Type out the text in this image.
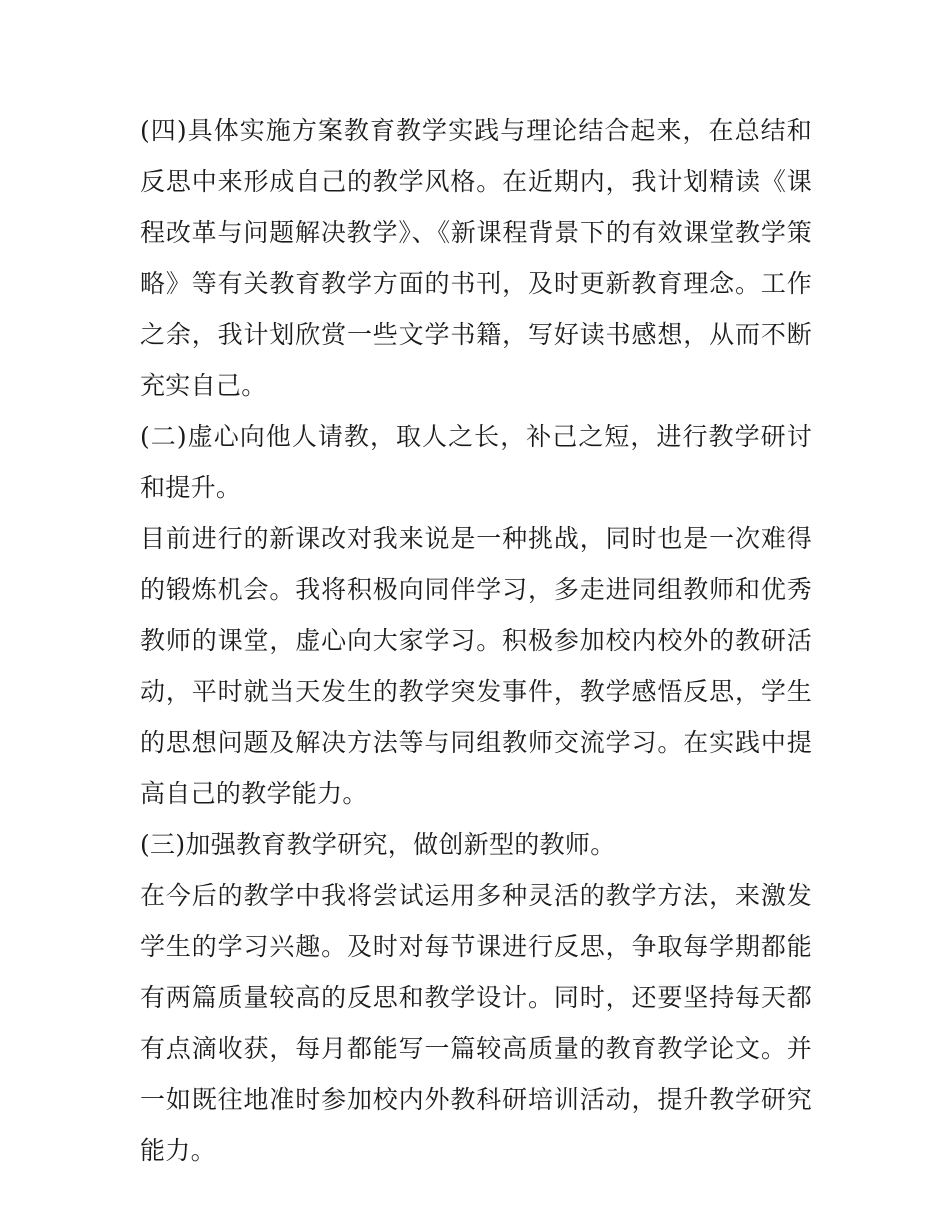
(四)具体实施方案教育教学实践与理论结合起来，在总结和反思中来形成自己的教学风格。在近期内，我计划精读《课程改革与问题解决教学》、《新课程背景下的有效课堂教学策略》等有关教育教学方面的书刊，及时更新教育理念。工作之余，我计划欣赏一些文学书籍，写好读书感想，从而不断充实自己。

(二)虚心向他人请教，取人之长，补己之短，进行教学研讨和提升。

目前进行的新课改对我来说是一种挑战，同时也是一次难得的锻炼机会。我将积极向同伴学习，多走进同组教师和优秀教师的课堂，虚心向大家学习。积极参加校内校外的教研活动，平时就当天发生的教学突发事件，教学感悟反思，学生的思想问题及解决方法等与同组教师交流学习。在实践中提高自己的教学能力。

(三)加强教育教学研究，做创新型的教师。

在今后的教学中我将尝试运用多种灵活的教学方法，来激发学生的学习兴趣。及时对每节课进行反思，争取每学期都能有两篇质量较高的反思和教学设计。同时，还要坚持每天都有点滴收获，每月都能写一篇较高质量的教育教学论文。并一如既往地准时参加校内外教科研培训活动，提升教学研究能力。
